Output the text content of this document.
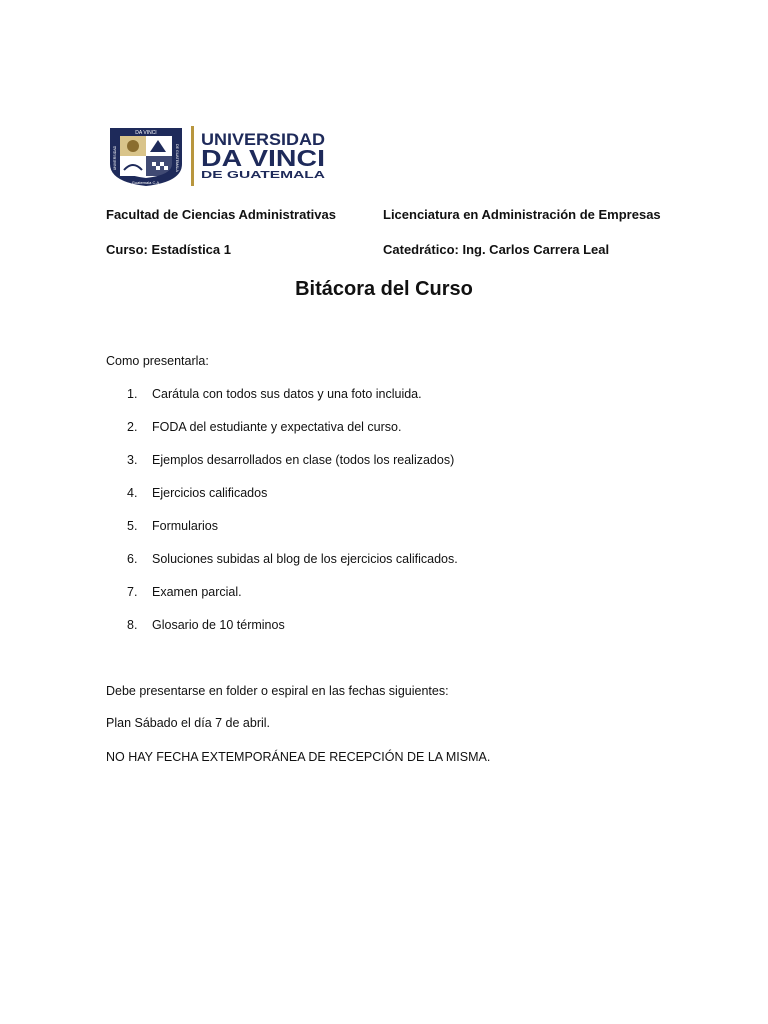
DA VINCI
Guatemala C.A.
UNIVERSIDAD	DE GUATEMALA
UNIVERSIDAD
DA VINCI
DE GUATEMALA
Facultad de Ciencias Administrativas	Licenciatura en Administración de Empresas
Curso: Estadística 1	Catedrático: Ing. Carlos Carrera Leal
Bitácora del Curso
Como presentarla:
1. Carátula con todos sus datos y una foto incluida.
2. FODA del estudiante y expectativa del curso.
3. Ejemplos desarrollados en clase (todos los realizados)
4. Ejercicios calificados
5. Formularios
6. Soluciones subidas al blog de los ejercicios calificados.
7. Examen parcial.
8. Glosario de 10 términos
Debe presentarse en folder o espiral en las fechas siguientes:
Plan Sábado el día 7 de abril.
NO HAY FECHA EXTEMPORÁNEA DE RECEPCIÓN DE LA MISMA.
